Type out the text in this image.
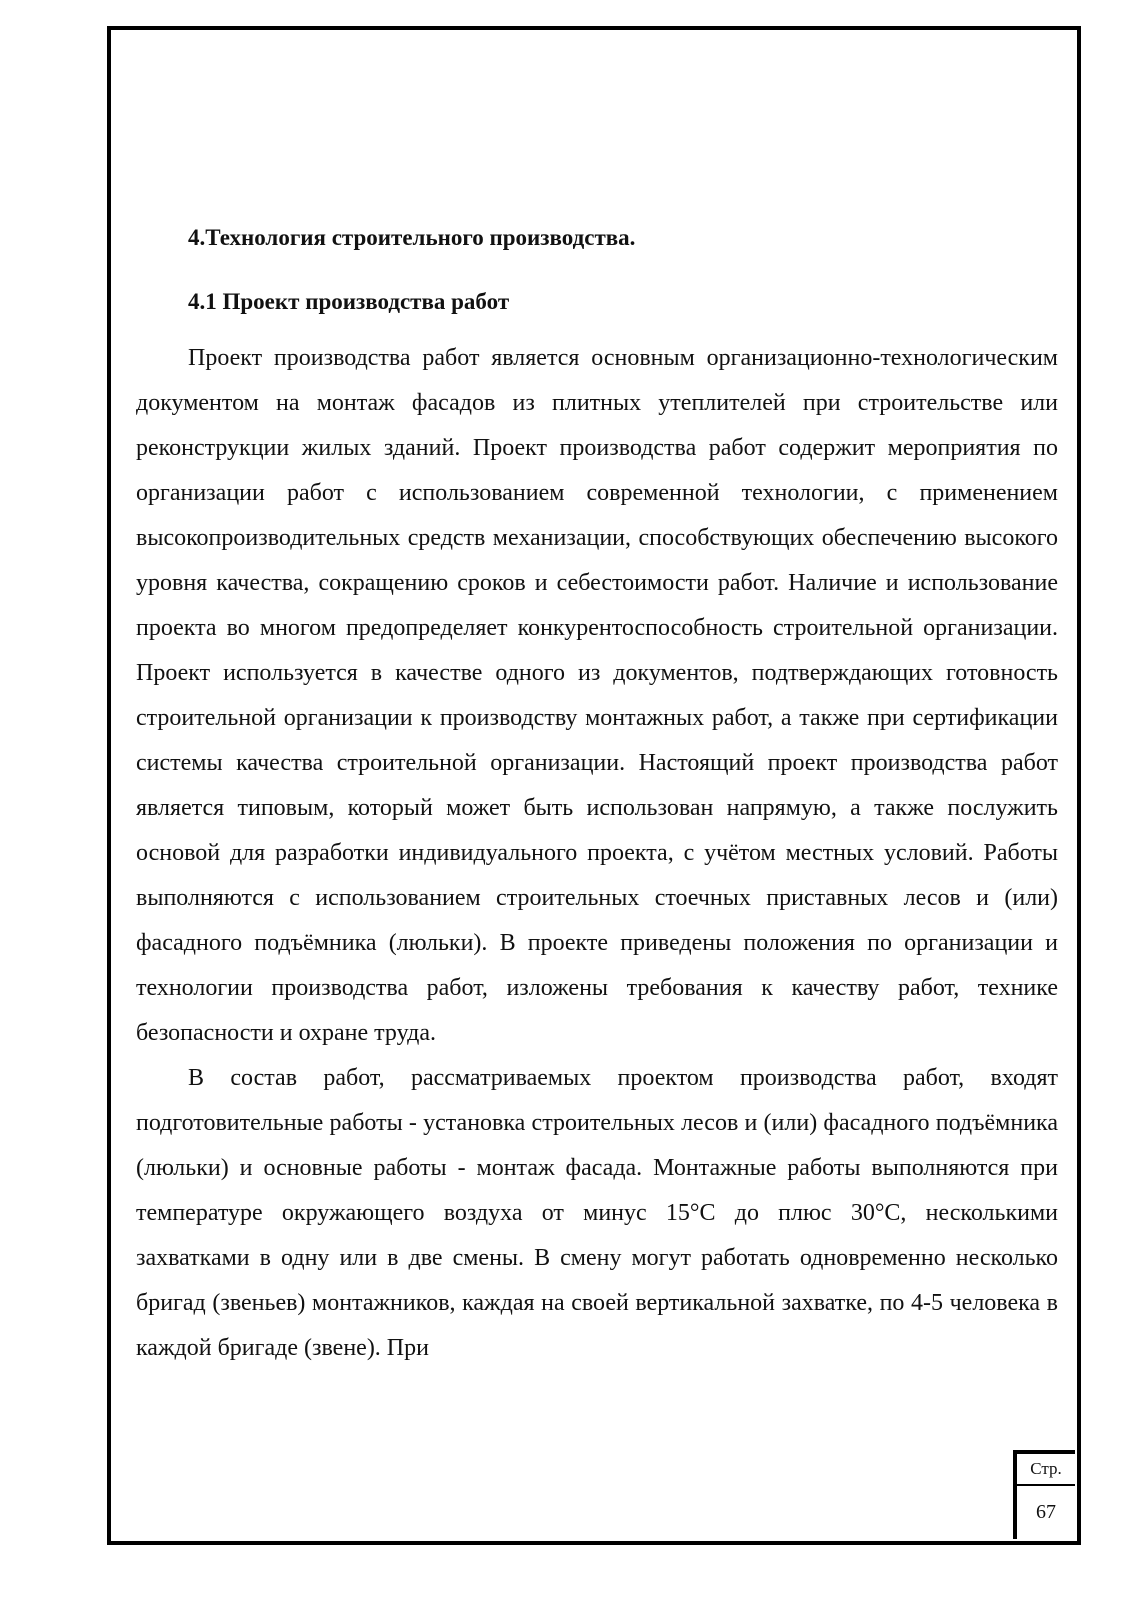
4.Технология строительного производства.
4.1 Проект производства работ

Проект производства работ является основным организационно-технологическим документом на монтаж фасадов из плитных утеплителей при строительстве или реконструкции жилых зданий. Проект производства работ содержит мероприятия по организации работ с использованием современной технологии, с применением высокопроизводительных средств механизации, способствующих обеспечению высокого уровня качества, сокращению сроков и себестоимости работ. Наличие и использование проекта во многом предопределяет конкурентоспособность строительной организации. Проект используется в качестве одного из документов, подтверждающих готовность строительной организации к производству монтажных работ, а также при сертификации системы качества строительной организации. Настоящий проект производства работ является типовым, который может быть использован напрямую, а также послужить основой для разработки индивидуального проекта, с учётом местных условий. Работы выполняются с использованием строительных стоечных приставных лесов и (или) фасадного подъёмника (люльки). В проекте приведены положения по организации и технологии производства работ, изложены требования к качеству работ, технике безопасности и охране труда.

В состав работ, рассматриваемых проектом производства работ, входят подготовительные работы - установка строительных лесов и (или) фасадного подъёмника (люльки) и основные работы - монтаж фасада. Монтажные работы выполняются при температуре окружающего воздуха от минус 15°С до плюс 30°С, несколькими захватками в одну или в две смены. В смену могут работать одновременно несколько бригад (звеньев) монтажников, каждая на своей вертикальной захватке, по 4-5 человека в каждой бригаде (звене). При

Стр.
67
